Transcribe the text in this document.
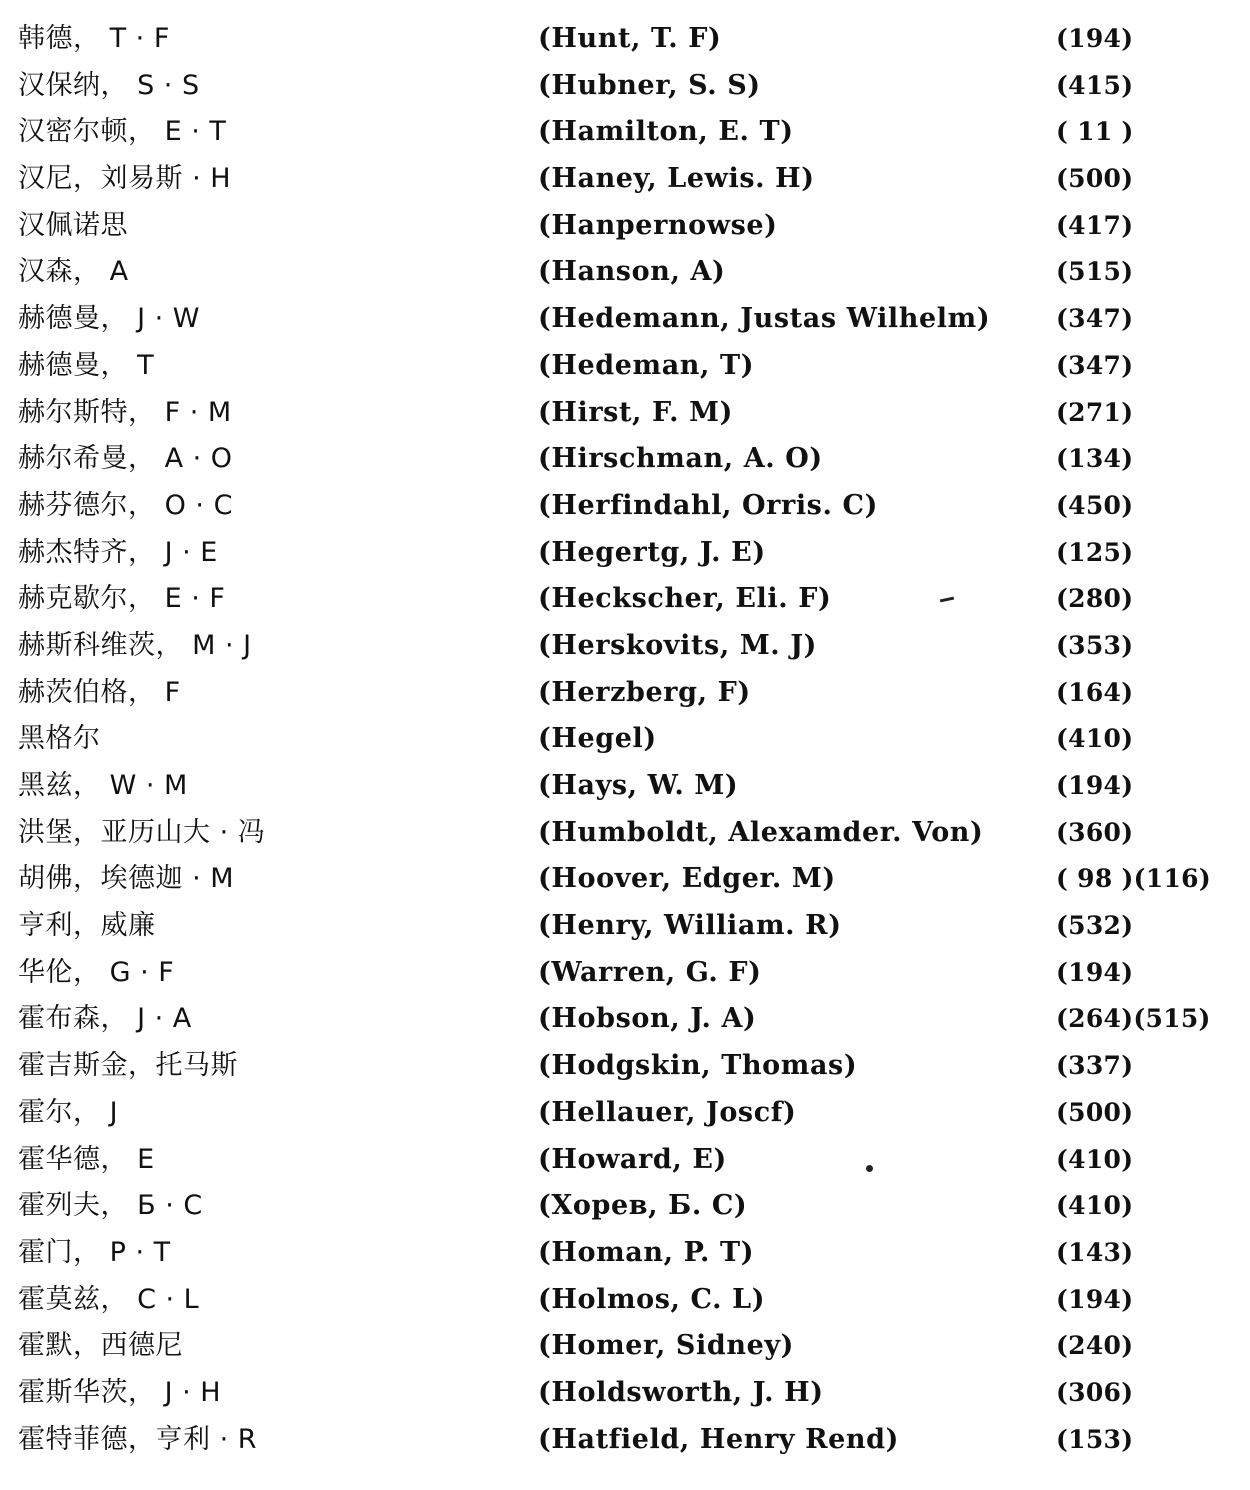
韩德， T · F	(Hunt, T. F)	(194)
汉保纳， S · S	(Hubner, S. S)	(415)
汉密尔顿， E · T	(Hamilton, E. T)	( 11 )
汉尼，刘易斯 · H	(Haney, Lewis. H)	(500)
汉佩诺思	(Hanpernowse)	(417)
汉森， A	(Hanson, A)	(515)
赫德曼， J · W	(Hedemann, Justas Wilhelm)	(347)
赫德曼， T	(Hedeman, T)	(347)
赫尔斯特， F · M	(Hirst, F. M)	(271)
赫尔希曼， A · O	(Hirschman, A. O)	(134)
赫芬德尔， O · C	(Herfindahl, Orris. C)	(450)
赫杰特齐， J · E	(Hegertg, J. E)	(125)
赫克歇尔， E · F	(Heckscher, Eli. F)	(280)
赫斯科维茨， M · J	(Herskovits, M. J)	(353)
赫茨伯格， F	(Herzberg, F)	(164)
黑格尔	(Hegel)	(410)
黑兹， W · M	(Hays, W. M)	(194)
洪堡，亚历山大 · 冯	(Humboldt, Alexamder. Von)	(360)
胡佛，埃德迦 · M	(Hoover, Edger. M)	( 98 )(116)
亨利，威廉	(Henry, William. R)	(532)
华伦， G · F	(Warren, G. F)	(194)
霍布森， J · A	(Hobson, J. A)	(264)(515)
霍吉斯金，托马斯	(Hodgskin, Thomas)	(337)
霍尔， J	(Hellauer, Joscf)	(500)
霍华德， E	(Howard, E)	(410)
霍列夫， Б · C	(Хорев, Б. С)	(410)
霍门， P · T	(Homan, P. T)	(143)
霍莫兹， C · L	(Holmos, C. L)	(194)
霍默，西德尼	(Homer, Sidney)	(240)
霍斯华茨， J · H	(Holdsworth, J. H)	(306)
霍特菲德，亨利 · R	(Hatfield, Henry Rend)	(153)
